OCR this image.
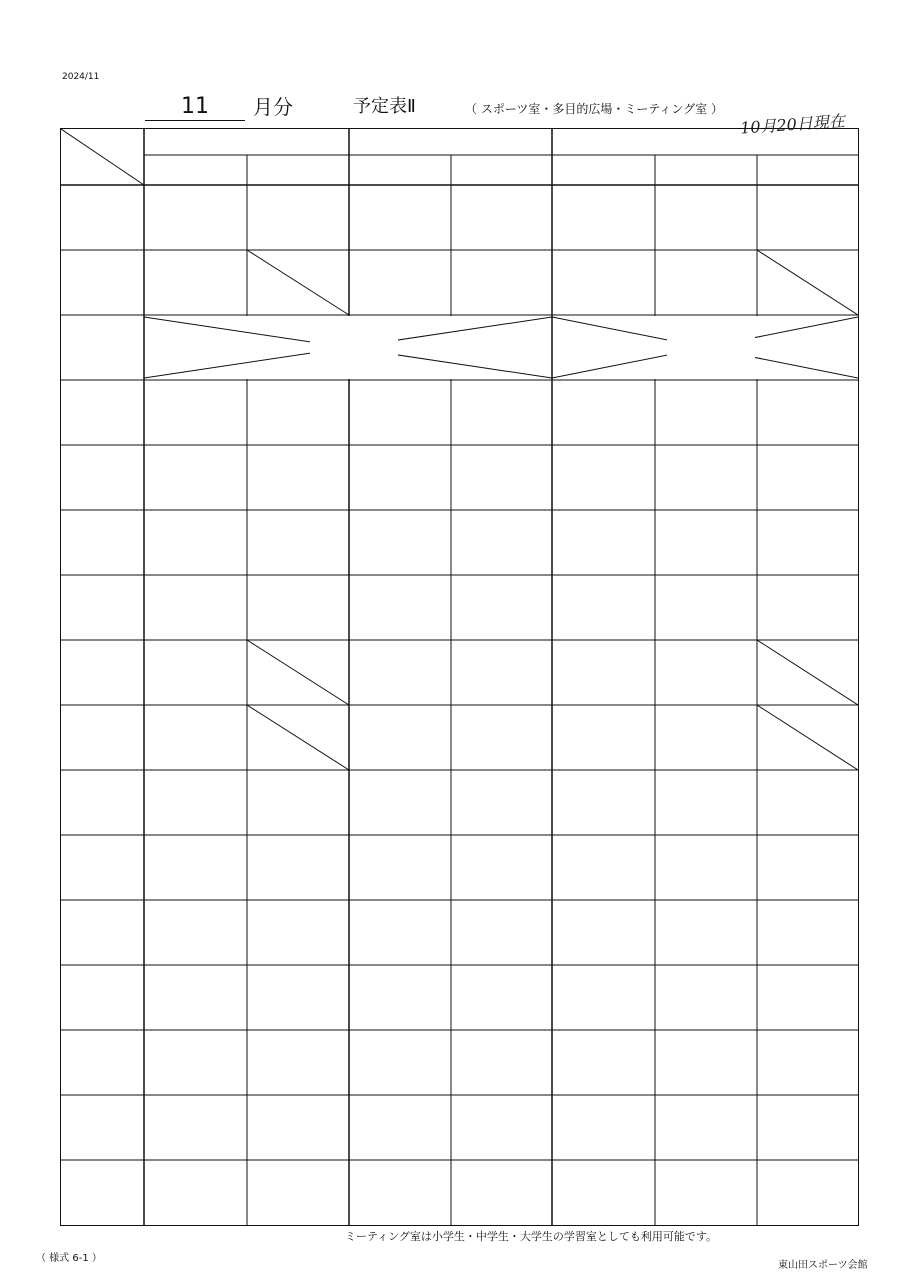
2024/11
11	月分	予定表Ⅱ	（ スポーツ室・多目的広場・ミーティング室 ）
10月20日現在
ミーティング室は小学生・中学生・大学生の学習室としても利用可能です。
（ 様式 6-1 ）
東山田スポーツ会館
